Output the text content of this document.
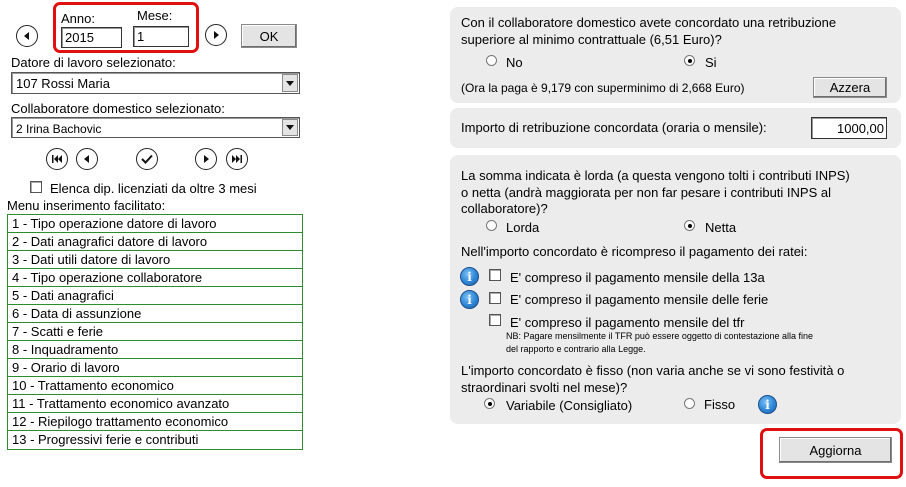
Anno:	Mese:
2015
1
OK
Datore di lavoro selezionato:
107 Rossi Maria
Collaboratore domestico selezionato:
2 Irina Bachovic
Elenca dip. licenziati da oltre 3 mesi
Menu inserimento facilitato:
1 - Tipo operazione datore di lavoro
2 - Dati anagrafici datore di lavoro
3 - Dati utili datore di lavoro
4 - Tipo operazione collaboratore
5 - Dati anagrafici
6 - Data di assunzione
7 - Scatti e ferie
8 - Inquadramento
9 - Orario di lavoro
10 - Trattamento economico
11 - Trattamento economico avanzato
12 - Riepilogo trattamento economico
13 - Progressivi ferie e contributi
Con il collaboratore domestico avete concordato una retribuzione
superiore al minimo contrattuale (6,51 Euro)?
No	Si
(Ora la paga è 9,179 con superminimo di 2,668 Euro)	Azzera
Importo di retribuzione concordata (oraria o mensile):
1000,00
La somma indicata è lorda (a questa vengono tolti i contributi INPS)
o netta (andrà maggiorata per non far pesare i contributi INPS al
collaboratore)?
Lorda	Netta
Nell'importo concordato è ricompreso il pagamento dei ratei:
i	E' compreso il pagamento mensile della 13a
i	E' compreso il pagamento mensile delle ferie
E' compreso il pagamento mensile del tfr
NB: Pagare mensilmente il TFR può essere oggetto di contestazione alla fine
del rapporto e contrario alla Legge.
L'importo concordato è fisso (non varia anche se vi sono festività o
straordinari svolti nel mese)?
Variabile (Consigliato)	Fisso	i
Aggiorna
